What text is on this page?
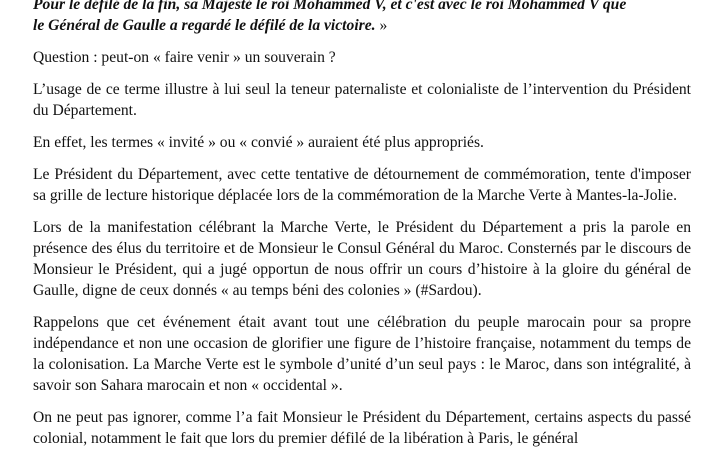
Pour le défilé de la fin, sa Majesté le roi Mohammed V, et c'est avec le roi Mohammed V que
le Général de Gaulle a regardé le défilé de la victoire. »

Question : peut-on « faire venir » un souverain ?

L’usage de ce terme illustre à lui seul la teneur paternaliste et colonialiste de l’intervention du Président du Département.

En effet, les termes « invité » ou « convié » auraient été plus appropriés.

Le Président du Département, avec cette tentative de détournement de commémoration, tente d'imposer sa grille de lecture historique déplacée lors de la commémoration de la Marche Verte à Mantes-la-Jolie.

Lors de la manifestation célébrant la Marche Verte, le Président du Département a pris la parole en présence des élus du territoire et de Monsieur le Consul Général du Maroc. Consternés par le discours de Monsieur le Président, qui a jugé opportun de nous offrir un cours d’histoire à la gloire du général de Gaulle, digne de ceux donnés « au temps béni des colonies » (#Sardou).

Rappelons que cet événement était avant tout une célébration du peuple marocain pour sa propre indépendance et non une occasion de glorifier une figure de l’histoire française, notamment du temps de la colonisation. La Marche Verte est le symbole d’unité d’un seul pays : le Maroc, dans son intégralité, à savoir son Sahara marocain et non « occidental ».

On ne peut pas ignorer, comme l’a fait Monsieur le Président du Département, certains aspects du passé colonial, notamment le fait que lors du premier défilé de la libération à Paris, le général
